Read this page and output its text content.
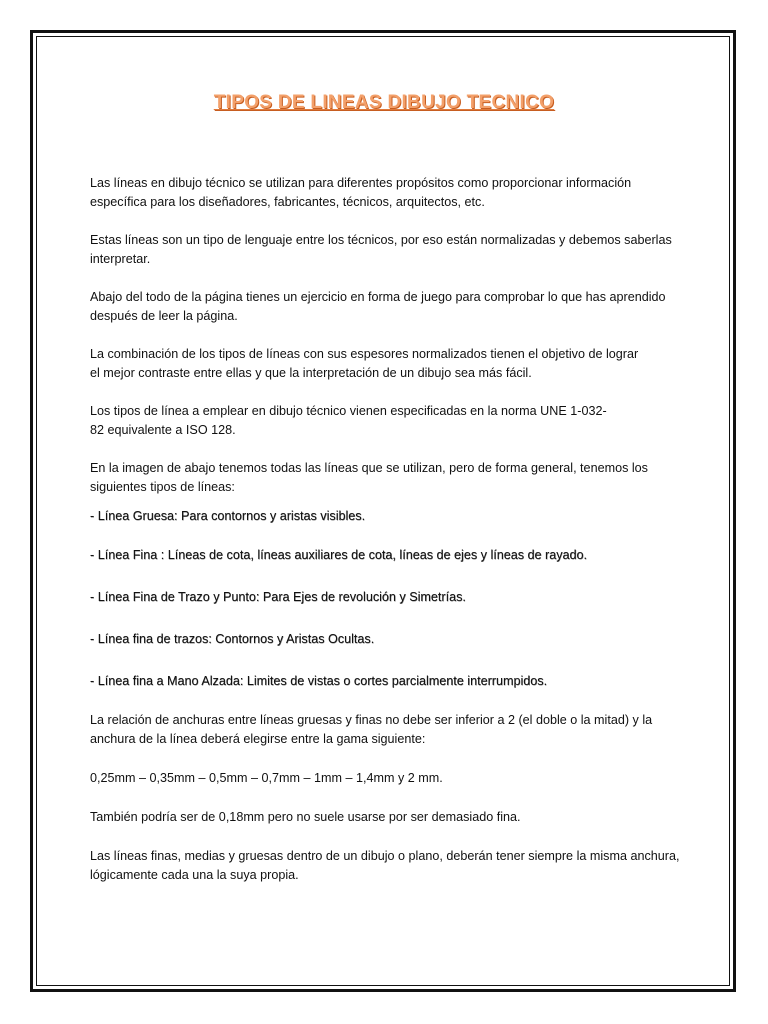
TIPOS DE LINEAS DIBUJO TECNICO

Las líneas en dibujo técnico se utilizan para diferentes propósitos como proporcionar información

específica para los diseñadores, fabricantes, técnicos, arquitectos, etc.

Estas líneas son un tipo de lenguaje entre los técnicos, por eso están normalizadas y debemos saberlas

interpretar.

Abajo del todo de la página tienes un ejercicio en forma de juego para comprobar lo que has aprendido

después de leer la página.

La combinación de los tipos de líneas con sus espesores normalizados tienen el objetivo de lograr

el mejor contraste entre ellas y que la interpretación de un dibujo sea más fácil.

Los tipos de línea a emplear en dibujo técnico vienen especificadas en la norma UNE 1-032-

82 equivalente a ISO 128.

En la imagen de abajo tenemos todas las líneas que se utilizan, pero de forma general, tenemos los

siguientes tipos de líneas:

- Línea Gruesa: Para contornos y aristas visibles.

- Línea Fina : Líneas de cota, líneas auxiliares de cota, líneas de ejes y líneas de rayado.

- Línea Fina de Trazo y Punto: Para Ejes de revolución y Simetrías.

- Línea fina de trazos: Contornos y Aristas Ocultas.

- Línea fina a Mano Alzada: Limites de vistas o cortes parcialmente interrumpidos.

La relación de anchuras entre líneas gruesas y finas no debe ser inferior a 2 (el doble o la mitad) y la

anchura de la línea deberá elegirse entre la gama siguiente:

0,25mm – 0,35mm – 0,5mm – 0,7mm – 1mm – 1,4mm y 2 mm.

También podría ser de 0,18mm pero no suele usarse por ser demasiado fina.

Las líneas finas, medias y gruesas dentro de un dibujo o plano, deberán tener siempre la misma anchura,

lógicamente cada una la suya propia.
